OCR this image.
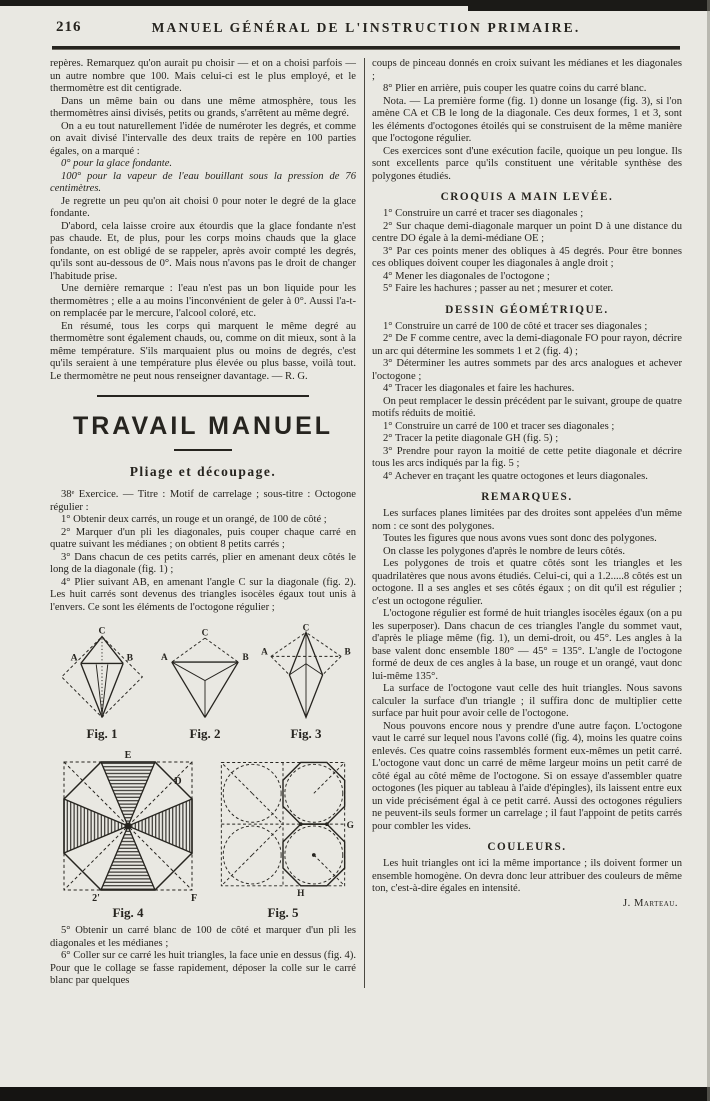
216	MANUEL GÉNÉRAL DE L'INSTRUCTION PRIMAIRE.

repères. Remarquez qu'on aurait pu choisir — et on a choisi parfois — un autre nombre que 100. Mais celui-ci est le plus employé, et le thermomètre est dit centigrade.

Dans un même bain ou dans une même atmosphère, tous les thermomètres ainsi divisés, petits ou grands, s'arrêtent au même degré.

On a eu tout naturellement l'idée de numéroter les degrés, et comme on avait divisé l'intervalle des deux traits de repère en 100 parties égales, on a marqué :

0° pour la glace fondante.

100° pour la vapeur de l'eau bouillant sous la pression de 76 centimètres.

Je regrette un peu qu'on ait choisi 0 pour noter le degré de la glace fondante.

D'abord, cela laisse croire aux étourdis que la glace fondante n'est pas chaude. Et, de plus, pour les corps moins chauds que la glace fondante, on est obligé de se rappeler, après avoir compté les degrés, qu'ils sont au-dessous de 0°. Mais nous n'avons pas le droit de changer l'habitude prise.

Une dernière remarque : l'eau n'est pas un bon liquide pour les thermomètres ; elle a au moins l'inconvénient de geler à 0°. Aussi l'a-t-on remplacée par le mercure, l'alcool coloré, etc.

En résumé, tous les corps qui marquent le même degré au thermomètre sont également chauds, ou, comme on dit mieux, sont à la même température. S'ils marquaient plus ou moins de degrés, c'est qu'ils seraient à une température plus élevée ou plus basse, voilà tout. Le thermomètre ne peut nous renseigner davantage. — R. G.

TRAVAIL MANUEL
Pliage et découpage.

38ᵉ Exercice. — Titre : Motif de carrelage ; sous-titre : Octogone régulier :

1° Obtenir deux carrés, un rouge et un orangé, de 100 de côté ;

2° Marquer d'un pli les diagonales, puis couper chaque carré en quatre suivant les médianes ; on obtient 8 petits carrés ;

3° Dans chacun de ces petits carrés, plier en amenant deux côtés le long de la diagonale (fig. 1) ;

4° Plier suivant AB, en amenant l'angle C sur la diagonale (fig. 2). Les huit carrés sont devenus des triangles isocèles égaux tout unis à l'envers. Ce sont les éléments de l'octogone régulier ;

C
A	B
Fig. 1
C
A	B
Fig. 2
C
A	B
Fig. 3
E
D
F
2'
Fig. 4
G
H
Fig. 5

5° Obtenir un carré blanc de 100 de côté et marquer d'un pli les diagonales et les médianes ;

6° Coller sur ce carré les huit triangles, la face unie en dessus (fig. 4). Pour que le collage se fasse rapidement, déposer la colle sur le carré blanc par quelques

coups de pinceau donnés en croix suivant les médianes et les diagonales ;

8° Plier en arrière, puis couper les quatre coins du carré blanc.

Nota. — La première forme (fig. 1) donne un losange (fig. 3), si l'on amène CA et CB le long de la diagonale. Ces deux formes, 1 et 3, sont les éléments d'octogones étoilés qui se construisent de la même manière que l'octogone régulier.

Ces exercices sont d'une exécution facile, quoique un peu longue. Ils sont excellents parce qu'ils constituent une véritable synthèse des polygones étudiés.

CROQUIS A MAIN LEVÉE.

1° Construire un carré et tracer ses diagonales ;

2° Sur chaque demi-diagonale marquer un point D à une distance du centre DO égale à la demi-médiane OE ;

3° Par ces points mener des obliques à 45 degrés. Pour être bonnes ces obliques doivent couper les diagonales à angle droit ;

4° Mener les diagonales de l'octogone ;

5° Faire les hachures ; passer au net ; mesurer et coter.

DESSIN GÉOMÉTRIQUE.

1° Construire un carré de 100 de côté et tracer ses diagonales ;

2° De F comme centre, avec la demi-diagonale FO pour rayon, décrire un arc qui détermine les sommets 1 et 2 (fig. 4) ;

3° Déterminer les autres sommets par des arcs analogues et achever l'octogone ;

4° Tracer les diagonales et faire les hachures.

On peut remplacer le dessin précédent par le suivant, groupe de quatre motifs réduits de moitié.

1° Construire un carré de 100 et tracer ses diagonales ;

2° Tracer la petite diagonale GH (fig. 5) ;

3° Prendre pour rayon la moitié de cette petite diagonale et décrire tous les arcs indiqués par la fig. 5 ;

4° Achever en traçant les quatre octogones et leurs diagonales.

REMARQUES.

Les surfaces planes limitées par des droites sont appelées d'un même nom : ce sont des polygones.

Toutes les figures que nous avons vues sont donc des polygones.

On classe les polygones d'après le nombre de leurs côtés.

Les polygones de trois et quatre côtés sont les triangles et les quadrilatères que nous avons étudiés. Celui-ci, qui a 1.2.....8 côtés est un octogone. Il a ses angles et ses côtés égaux ; on dit qu'il est régulier ; c'est un octogone régulier.

L'octogone régulier est formé de huit triangles isocèles égaux (on a pu les superposer). Dans chacun de ces triangles l'angle du sommet vaut, d'après le pliage même (fig. 1), un demi-droit, ou 45°. Les angles à la base valent donc ensemble 180° — 45° = 135°. L'angle de l'octogone formé de deux de ces angles à la base, un rouge et un orangé, vaut donc lui-même 135°.

La surface de l'octogone vaut celle des huit triangles. Nous savons calculer la surface d'un triangle ; il suffira donc de multiplier cette surface par huit pour avoir celle de l'octogone.

Nous pouvons encore nous y prendre d'une autre façon. L'octogone vaut le carré sur lequel nous l'avons collé (fig. 4), moins les quatre coins enlevés. Ces quatre coins rassemblés forment eux-mêmes un petit carré. L'octogone vaut donc un carré de même largeur moins un petit carré de côté égal au côté même de l'octogone. Si on essaye d'assembler quatre octogones (les piquer au tableau à l'aide d'épingles), ils laissent entre eux un vide précisément égal à ce petit carré. Aussi des octogones réguliers ne peuvent-ils seuls former un carrelage ; il faut l'appoint de petits carrés pour combler les vides.

COULEURS.

Les huit triangles ont ici la même importance ; ils doivent former un ensemble homogène. On devra donc leur attribuer des couleurs de même ton, c'est-à-dire égales en intensité.

J. Marteau.
